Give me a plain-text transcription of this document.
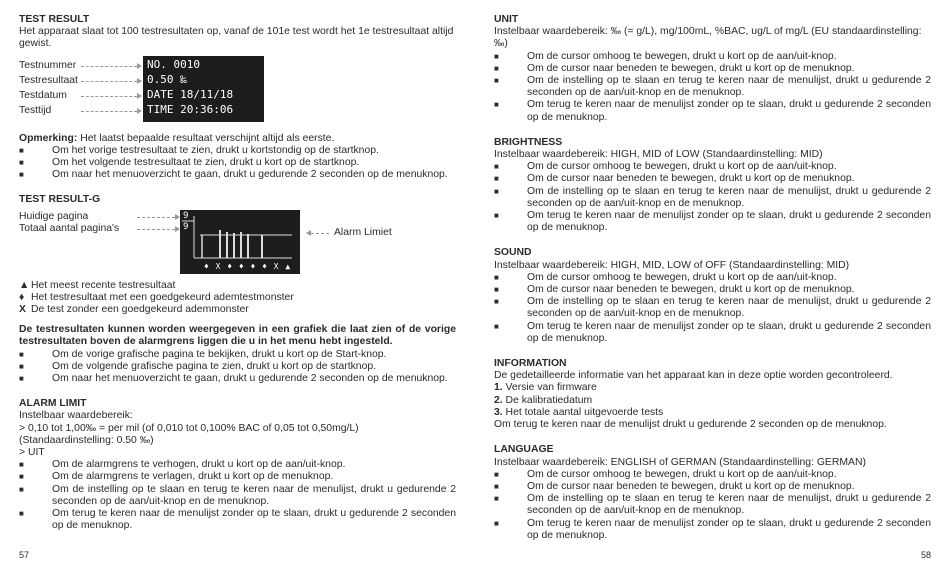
TEST RESULT

Het apparaat slaat tot 100 testresultaten op, vanaf de 101e test wordt het 1e testresultaat altijd gewist.

Testnummer
Testresultaat
Testdatum
Testtijd
NO. 0010
0.50 ‰
DATE 18/11/18
TIME 20:36:06

Opmerking: Het laatst bepaalde resultaat verschijnt altijd als eerste.

■ Om het vorige testresultaat te zien, drukt u kortstondig op de startknop.
■ Om het volgende testresultaat te zien, drukt u kort op de startknop.
■ Om naar het menuoverzicht te gaan, drukt u gedurende 2 seconden op de menuknop.
TEST RESULT-G
Huidige pagina
Totaal aantal pagina's
9
9
♦ X ♦ ♦ ♦ ♦ X ▲
Alarm Limiet

▲ Het meest recente testresultaat

♦ Het testresultaat met een goedgekeurd ademtestmonster

X De test zonder een goedgekeurd ademmonster

De testresultaten kunnen worden weergegeven in een grafiek die laat zien of de vorige testresultaten boven de alarmgrens liggen die u in het menu hebt ingesteld.

■ Om de vorige grafische pagina te bekijken, drukt u kort op de Start-knop.
■ Om de volgende grafische pagina te zien, drukt u kort op de startknop.
■ Om naar het menuoverzicht te gaan, drukt u gedurende 2 seconden op de menuknop.
ALARM LIMIT

Instelbaar waardebereik:

> 0,10 tot 1,00‰ = per mil (of 0,010 tot 0,100% BAC of 0,05 tot 0,50mg/L)

(Standaardinstelling: 0.50 ‰)

> UIT

■ Om de alarmgrens te verhogen, drukt u kort op de aan/uit-knop.
■ Om de alarmgrens te verlagen, drukt u kort op de menuknop.
■ Om de instelling op te slaan en terug te keren naar de menulijst, drukt u gedurende 2 seconden op de aan/uit-knop en de menuknop.
■ Om terug te keren naar de menulijst zonder op te slaan, drukt u gedurende 2 seconden op de menuknop.
57
UNIT

Instelbaar waardebereik: ‰ (= g/L), mg/100mL, %BAC, ug/L of mg/L (EU standaardinstelling: ‰)

■ Om de cursor omhoog te bewegen, drukt u kort op de aan/uit-knop.
■ Om de cursor naar beneden te bewegen, drukt u kort op de menuknop.
■ Om de instelling op te slaan en terug te keren naar de menulijst, drukt u gedurende 2 seconden op de aan/uit-knop en de menuknop.
■ Om terug te keren naar de menulijst zonder op te slaan, drukt u gedurende 2 seconden op de menuknop.
BRIGHTNESS

Instelbaar waardebereik: HIGH, MID of LOW (Standaardinstelling: MID)

■ Om de cursor omhoog te bewegen, drukt u kort op de aan/uit-knop.
■ Om de cursor naar beneden te bewegen, drukt u kort op de menuknop.
■ Om de instelling op te slaan en terug te keren naar de menulijst, drukt u gedurende 2 seconden op de aan/uit-knop en de menuknop.
■ Om terug te keren naar de menulijst zonder op te slaan, drukt u gedurende 2 seconden op de menuknop.
SOUND

Instelbaar waardebereik: HIGH, MID, LOW of OFF (Standaardinstelling: MID)

■ Om de cursor omhoog te bewegen, drukt u kort op de aan/uit-knop.
■ Om de cursor naar beneden te bewegen, drukt u kort op de menuknop.
■ Om de instelling op te slaan en terug te keren naar de menulijst, drukt u gedurende 2 seconden op de aan/uit-knop en de menuknop.
■ Om terug te keren naar de menulijst zonder op te slaan, drukt u gedurende 2 seconden op de menuknop.
INFORMATION

De gedetailleerde informatie van het apparaat kan in deze optie worden gecontroleerd.

1. Versie van firmware

2. De kalibratiedatum

3. Het totale aantal uitgevoerde tests

Om terug te keren naar de menulijst drukt u gedurende 2 seconden op de menuknop.

LANGUAGE

Instelbaar waardebereik: ENGLISH of GERMAN (Standaardinstelling: GERMAN)

■ Om de cursor omhoog te bewegen, drukt u kort op de aan/uit-knop.
■ Om de cursor naar beneden te bewegen, drukt u kort op de menuknop.
■ Om de instelling op te slaan en terug te keren naar de menulijst, drukt u gedurende 2 seconden op de aan/uit-knop en de menuknop.
■ Om terug te keren naar de menulijst zonder op te slaan, drukt u gedurende 2 seconden op de menuknop.
58
